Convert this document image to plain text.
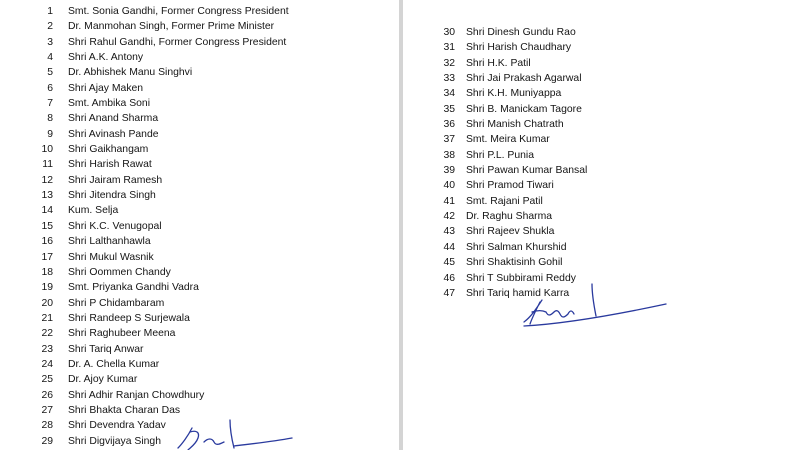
1 Smt. Sonia Gandhi, Former Congress President
2 Dr. Manmohan Singh, Former Prime Minister
3 Shri Rahul Gandhi, Former Congress President
4 Shri A.K. Antony
5 Dr. Abhishek Manu Singhvi
6 Shri Ajay Maken
7 Smt. Ambika Soni
8 Shri Anand Sharma
9 Shri Avinash Pande
10 Shri Gaikhangam
11 Shri Harish Rawat
12 Shri Jairam Ramesh
13 Shri Jitendra Singh
14 Kum. Selja
15 Shri K.C. Venugopal
16 Shri Lalthanhawla
17 Shri Mukul Wasnik
18 Shri Oommen Chandy
19 Smt. Priyanka Gandhi Vadra
20 Shri P Chidambaram
21 Shri Randeep S Surjewala
22 Shri Raghubeer Meena
23 Shri Tariq Anwar
24 Dr. A. Chella Kumar
25 Dr. Ajoy Kumar
26 Shri Adhir Ranjan Chowdhury
27 Shri Bhakta Charan Das
28 Shri Devendra Yadav
29 Shri Digvijaya Singh
30 Shri Dinesh Gundu Rao
31 Shri Harish Chaudhary
32 Shri H.K. Patil
33 Shri Jai Prakash Agarwal
34 Shri K.H. Muniyappa
35 Shri B. Manickam Tagore
36 Shri Manish Chatrath
37 Smt. Meira Kumar
38 Shri P.L. Punia
39 Shri Pawan Kumar Bansal
40 Shri Pramod Tiwari
41 Smt. Rajani Patil
42 Dr. Raghu Sharma
43 Shri Rajeev Shukla
44 Shri Salman Khurshid
45 Shri Shaktisinh Gohil
46 Shri T Subbirami Reddy
47 Shri Tariq hamid Karra
